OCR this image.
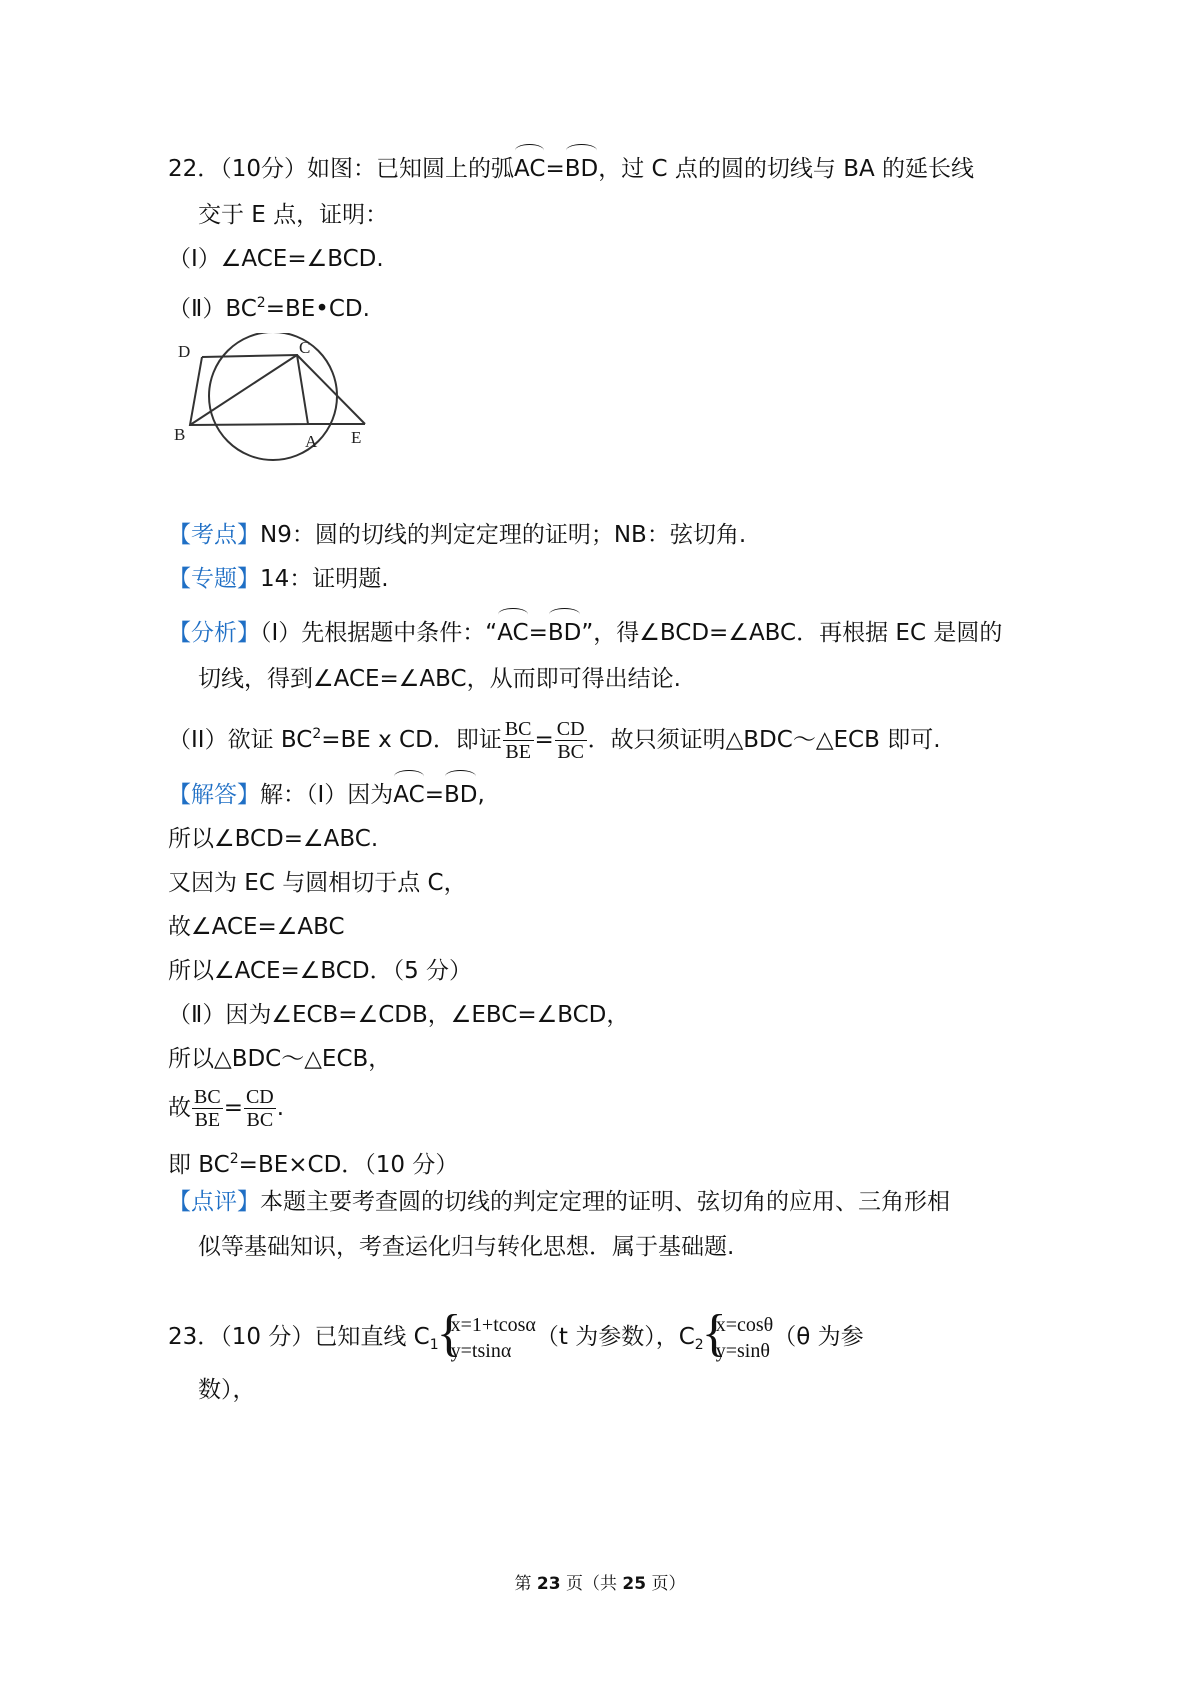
22．（10分）如图：已知圆上的弧AC=BD，过 C 点的圆的切线与 BA 的延长线
交于 E 点，证明：
（Ⅰ）∠ACE=∠BCD.
$(Ⅱ)BC^2=BE•CD$.
D	C
B	A E
【考点】N9：圆的切线的判定定理的证明；NB：弦切角.
【专题】14：证明题.
【分析】（I）先根据题中条件：“AC=BD”，得∠BCD=∠ABC．再根据 EC 是圆的
切线，得到∠ACE=∠ABC，从而即可得出结论.
（II）欲证 $BC^2=BE$ x CD．即证 $\frac{BC}{BE} = \frac{CD}{BC}$ ．故只须证明△BDC～△ECB 即可.
【解答】解：（Ⅰ）因为AC=BD,
所以∠BCD=∠ABC.
又因为 EC 与圆相切于点 C，
故∠ACE=∠ABC
所以∠ACE=∠BCD．（5 分）
（Ⅱ）因为∠ECB=∠CDB，∠EBC=∠BCD，
所以△BDC～△ECB，
故 $\frac{BC}{BE} = \frac{CD}{BC}$ .
即 $BC^2=BE\times CD$．（10 分）
【点评】本题主要考查圆的切线的判定定理的证明、弦切角的应用、三角形相
似等基础知识，考查运化归与转化思想．属于基础题.
23．（10 分）已知直线 $C_1$
{ x=1+tcosα
y=tsinα
（t 为参数），$C_2$
{ x=cosθ
y=sinθ
（θ 为参
数），
第 23 页（共 25 页）
